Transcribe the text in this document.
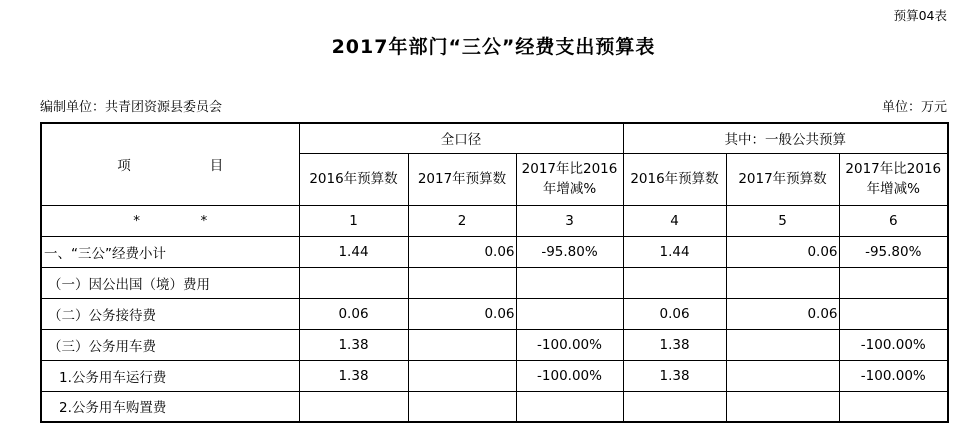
预算04表
2017年部门“三公”经费支出预算表
编制单位：共青团资源县委员会	单位：万元
项 目	全口径			其中：一般公共预算		
	2016年预算数	2017年预算数	2017年比2016年增减%	2016年预算数	2017年预算数	2017年比2016年增减%

* *	1	2	3	4	5	6
一、“三公”经费小计	1.44	0.06	-95.80%	1.44	0.06	-95.80%
（一）因公出国（境）费用						
（二）公务接待费	0.06	0.06		0.06	0.06	
（三）公务用车费	1.38		-100.00%	1.38		-100.00%
1.公务用车运行费	1.38		-100.00%	1.38		-100.00%
2.公务用车购置费						
